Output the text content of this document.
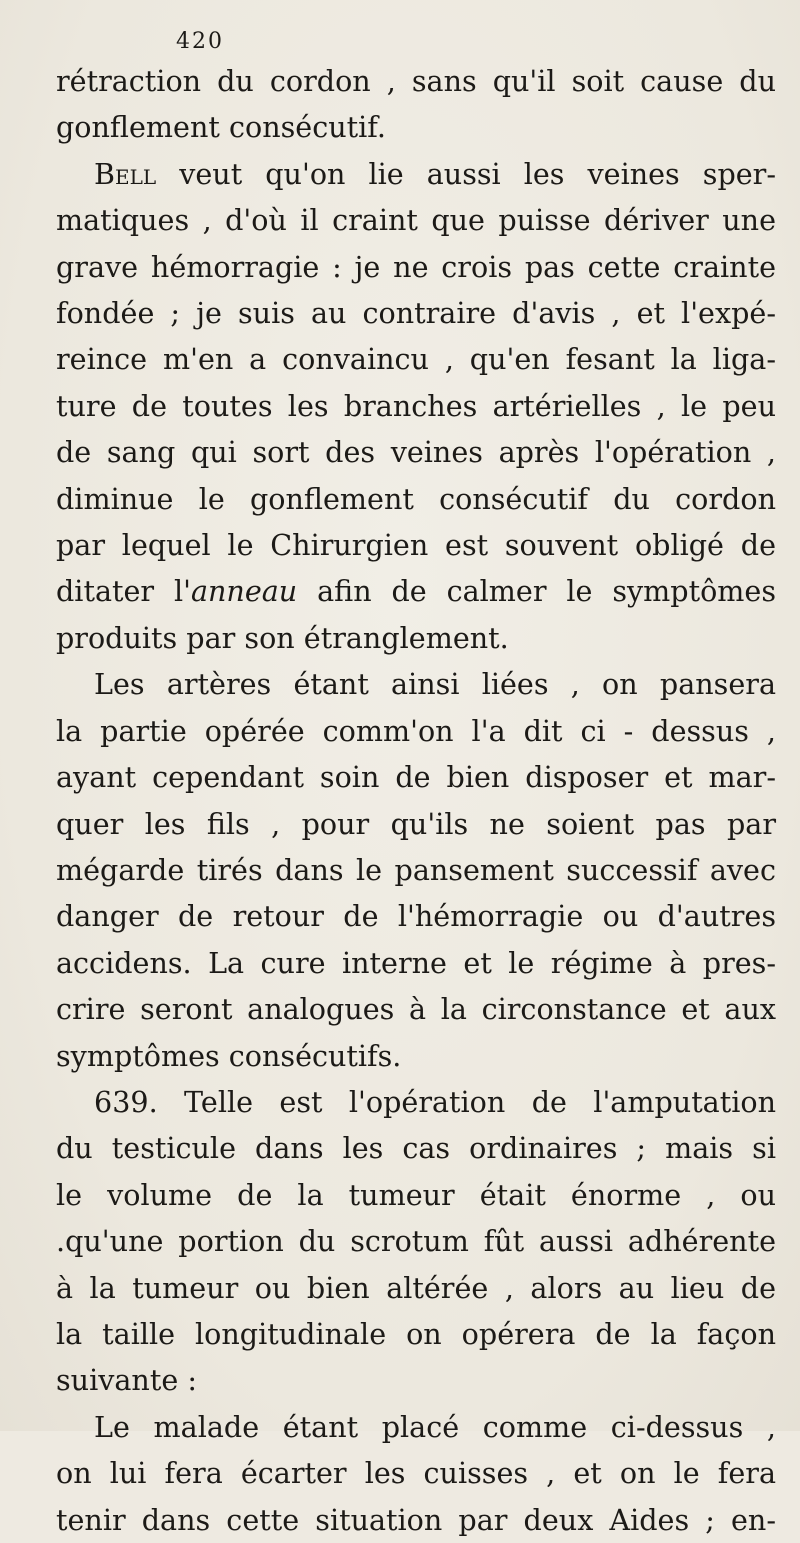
420

rétraction du cordon , sans qu'il soit cause du

gonflement consécutif.

Bell veut qu'on lie aussi les veines sper-

matiques , d'où il craint que puisse dériver une

grave hémorragie : je ne crois pas cette crainte

fondée ; je suis au contraire d'avis , et l'expé-

reince m'en a convaincu , qu'en fesant la liga-

ture de toutes les branches artérielles , le peu

de sang qui sort des veines après l'opération ,

diminue le gonflement consécutif du cordon

par lequel le Chirurgien est souvent obligé de

ditater l'anneau afin de calmer le symptômes

produits par son étranglement.

Les artères étant ainsi liées , on pansera

la partie opérée comm'on l'a dit ci - dessus ,

ayant cependant soin de bien disposer et mar-

quer les fils , pour qu'ils ne soient pas par

mégarde tirés dans le pansement successif avec

danger de retour de l'hémorragie ou d'autres

accidens. La cure interne et le régime à pres-

crire seront analogues à la circonstance et aux

symptômes consécutifs.

639. Telle est l'opération de l'amputation

du testicule dans les cas ordinaires ; mais si

le volume de la tumeur était énorme , ou

.qu'une portion du scrotum fût aussi adhérente

à la tumeur ou bien altérée , alors au lieu de

la taille longitudinale on opérera de la façon

suivante :

Le malade étant placé comme ci-dessus ,

on lui fera écarter les cuisses , et on le fera

tenir dans cette situation par deux Aides ; en-
